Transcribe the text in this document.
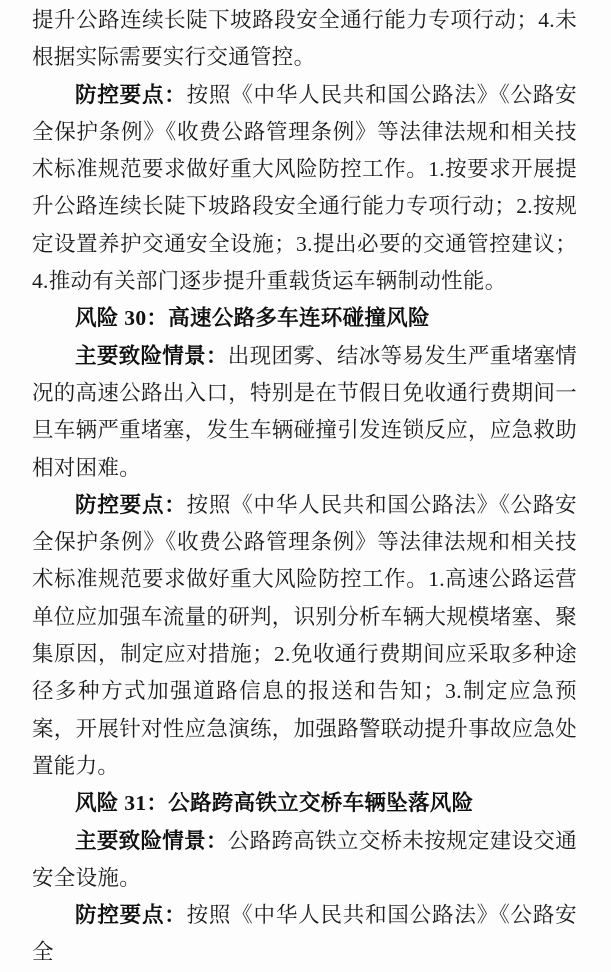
提升公路连续长陡下坡路段安全通行能力专项行动；4.未根据实际需要实行交通管控。

防控要点：按照《中华人民共和国公路法》《公路安全保护条例》《收费公路管理条例》等法律法规和相关技术标准规范要求做好重大风险防控工作。1.按要求开展提升公路连续长陡下坡路段安全通行能力专项行动；2.按规定设置养护交通安全设施；3.提出必要的交通管控建议；4.推动有关部门逐步提升重载货运车辆制动性能。

风险 30：高速公路多车连环碰撞风险

主要致险情景：出现团雾、结冰等易发生严重堵塞情况的高速公路出入口，特别是在节假日免收通行费期间一旦车辆严重堵塞，发生车辆碰撞引发连锁反应，应急救助相对困难。

防控要点：按照《中华人民共和国公路法》《公路安全保护条例》《收费公路管理条例》等法律法规和相关技术标准规范要求做好重大风险防控工作。1.高速公路运营单位应加强车流量的研判，识别分析车辆大规模堵塞、聚集原因，制定应对措施；2.免收通行费期间应采取多种途径多种方式加强道路信息的报送和告知；3.制定应急预案，开展针对性应急演练，加强路警联动提升事故应急处置能力。

风险 31：公路跨高铁立交桥车辆坠落风险

主要致险情景：公路跨高铁立交桥未按规定建设交通安全设施。

防控要点：按照《中华人民共和国公路法》《公路安全
